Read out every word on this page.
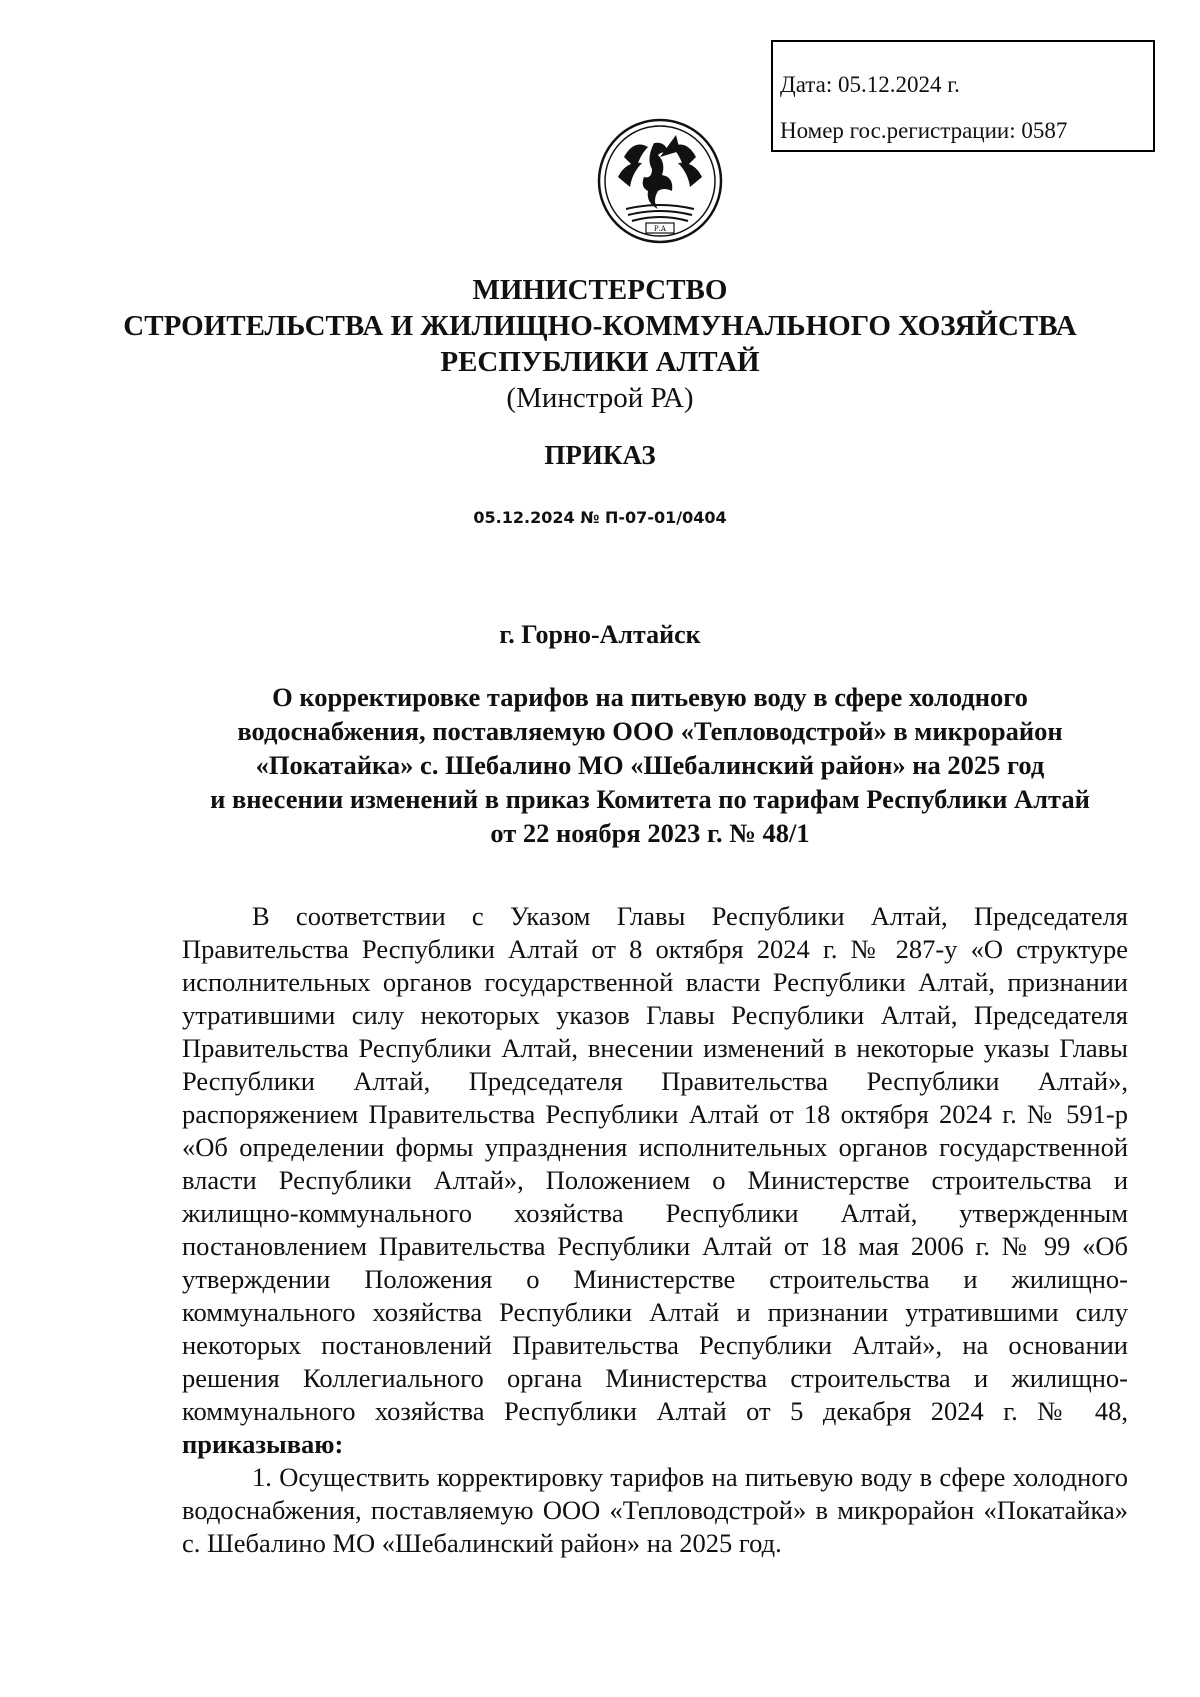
Дата: 05.12.2024 г.
Номер гос.регистрации: 0587
Р.А
МИНИСТЕРСТВО
СТРОИТЕЛЬСТВА И ЖИЛИЩНО-КОММУНАЛЬНОГО ХОЗЯЙСТВА
РЕСПУБЛИКИ АЛТАЙ
(Минстрой РА)
ПРИКАЗ
05.12.2024 № П-07-01/0404
г. Горно-Алтайск
О корректировке тарифов на питьевую воду в сфере холодного
водоснабжения, поставляемую ООО «Тепловодстрой» в микрорайон
«Покатайка» с. Шебалино МО «Шебалинский район» на 2025 год
и внесении изменений в приказ Комитета по тарифам Республики Алтай
от 22 ноября 2023 г. № 48/1

В соответствии с Указом Главы Республики Алтай, Председателя Правительства Республики Алтай от 8 октября 2024 г. № 287-у «О структуре исполнительных органов государственной власти Республики Алтай, признании утратившими силу некоторых указов Главы Республики Алтай, Председателя Правительства Республики Алтай, внесении изменений в некоторые указы Главы Республики Алтай, Председателя Правительства Республики Алтай», распоряжением Правительства Республики Алтай от 18 октября 2024 г. № 591-р «Об определении формы упразднения исполнительных органов государственной власти Республики Алтай», Положением о Министерстве строительства и жилищно-коммунального хозяйства Республики Алтай, утвержденным постановлением Правительства Республики Алтай от 18 мая 2006 г. № 99 «Об утверждении Положения о Министерстве строительства и жилищно-коммунального хозяйства Республики Алтай и признании утратившими силу некоторых постановлений Правительства Республики Алтай», на основании решения Коллегиального органа Министерства строительства и жилищно-коммунального хозяйства Республики Алтай от 5 декабря 2024 г. № 48, приказываю:

1. Осуществить корректировку тарифов на питьевую воду в сфере холодного водоснабжения, поставляемую ООО «Тепловодстрой» в микрорайон «Покатайка» с. Шебалино МО «Шебалинский район» на 2025 год.
